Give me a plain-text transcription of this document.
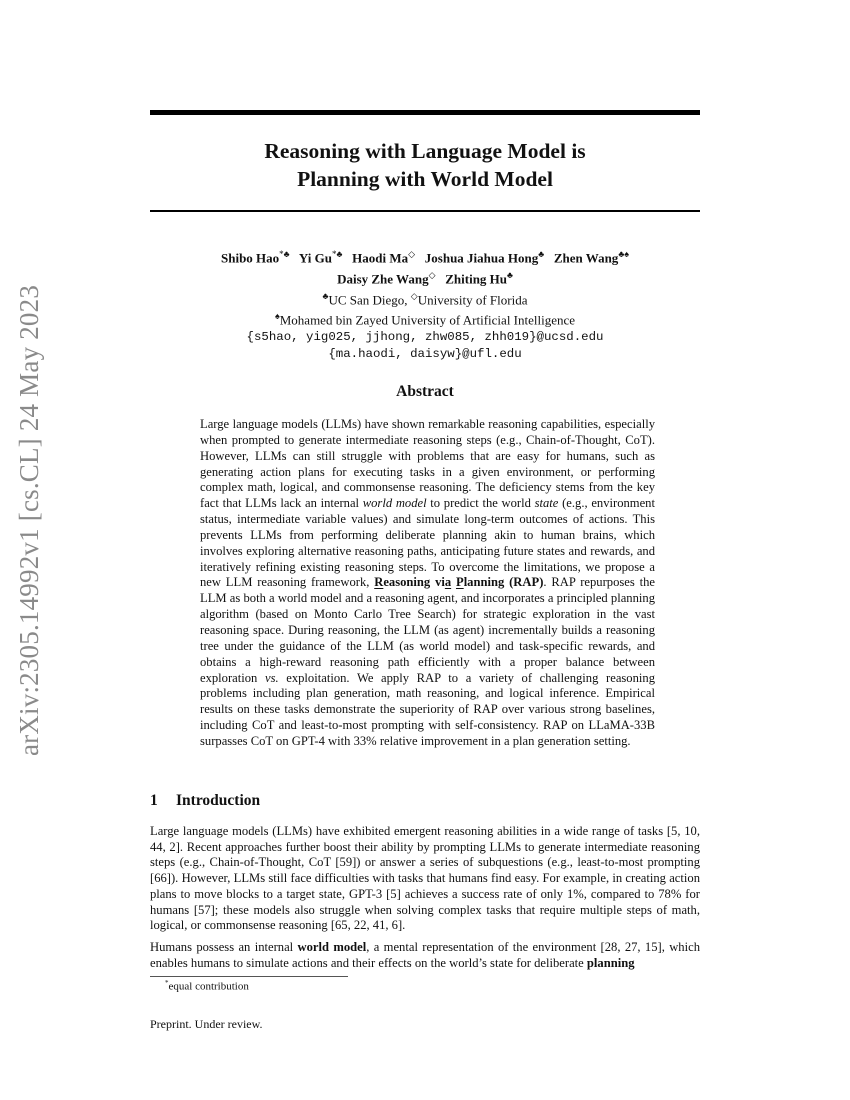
arXiv:2305.14992v1 [cs.CL] 24 May 2023
Reasoning with Language Model is
Planning with World Model
Shibo Hao*♣ Yi Gu*♣ Haodi Ma◇ Joshua Jiahua Hong♣ Zhen Wang♣♠
Daisy Zhe Wang◇ Zhiting Hu♣
♣UC San Diego, ◇University of Florida
♠Mohamed bin Zayed University of Artificial Intelligence
{s5hao, yig025, jjhong, zhw085, zhh019}@ucsd.edu
{ma.haodi, daisyw}@ufl.edu
Abstract
Large language models (LLMs) have shown remarkable reasoning capabilities, especially when prompted to generate intermediate reasoning steps (e.g., Chain-of-Thought, CoT). However, LLMs can still struggle with problems that are easy for humans, such as generating action plans for executing tasks in a given environment, or performing complex math, logical, and commonsense reasoning. The deficiency stems from the key fact that LLMs lack an internal world model to predict the world state (e.g., environment status, intermediate variable values) and simulate long-term outcomes of actions. This prevents LLMs from performing deliberate planning akin to human brains, which involves exploring alternative reasoning paths, anticipating future states and rewards, and iteratively refining existing reasoning steps. To overcome the limitations, we propose a new LLM reasoning framework, Reasoning via Planning (RAP). RAP repurposes the LLM as both a world model and a reasoning agent, and incorporates a principled planning algorithm (based on Monto Carlo Tree Search) for strategic exploration in the vast reasoning space. During reasoning, the LLM (as agent) incrementally builds a reasoning tree under the guidance of the LLM (as world model) and task-specific rewards, and obtains a high-reward reasoning path efficiently with a proper balance between exploration vs. exploitation. We apply RAP to a variety of challenging reasoning problems including plan generation, math reasoning, and logical inference. Empirical results on these tasks demonstrate the superiority of RAP over various strong baselines, including CoT and least-to-most prompting with self-consistency. RAP on LLaMA-33B surpasses CoT on GPT-4 with 33% relative improvement in a plan generation setting.
1 Introduction

Large language models (LLMs) have exhibited emergent reasoning abilities in a wide range of tasks [5, 10, 44, 2]. Recent approaches further boost their ability by prompting LLMs to generate intermediate reasoning steps (e.g., Chain-of-Thought, CoT [59]) or answer a series of subquestions (e.g., least-to-most prompting [66]). However, LLMs still face difficulties with tasks that humans find easy. For example, in creating action plans to move blocks to a target state, GPT-3 [5] achieves a success rate of only 1%, compared to 78% for humans [57]; these models also struggle when solving complex tasks that require multiple steps of math, logical, or commonsense reasoning [65, 22, 41, 6].

Humans possess an internal world model, a mental representation of the environment [28, 27, 15], which enables humans to simulate actions and their effects on the world’s state for deliberate planning

*equal contribution
Preprint. Under review.
